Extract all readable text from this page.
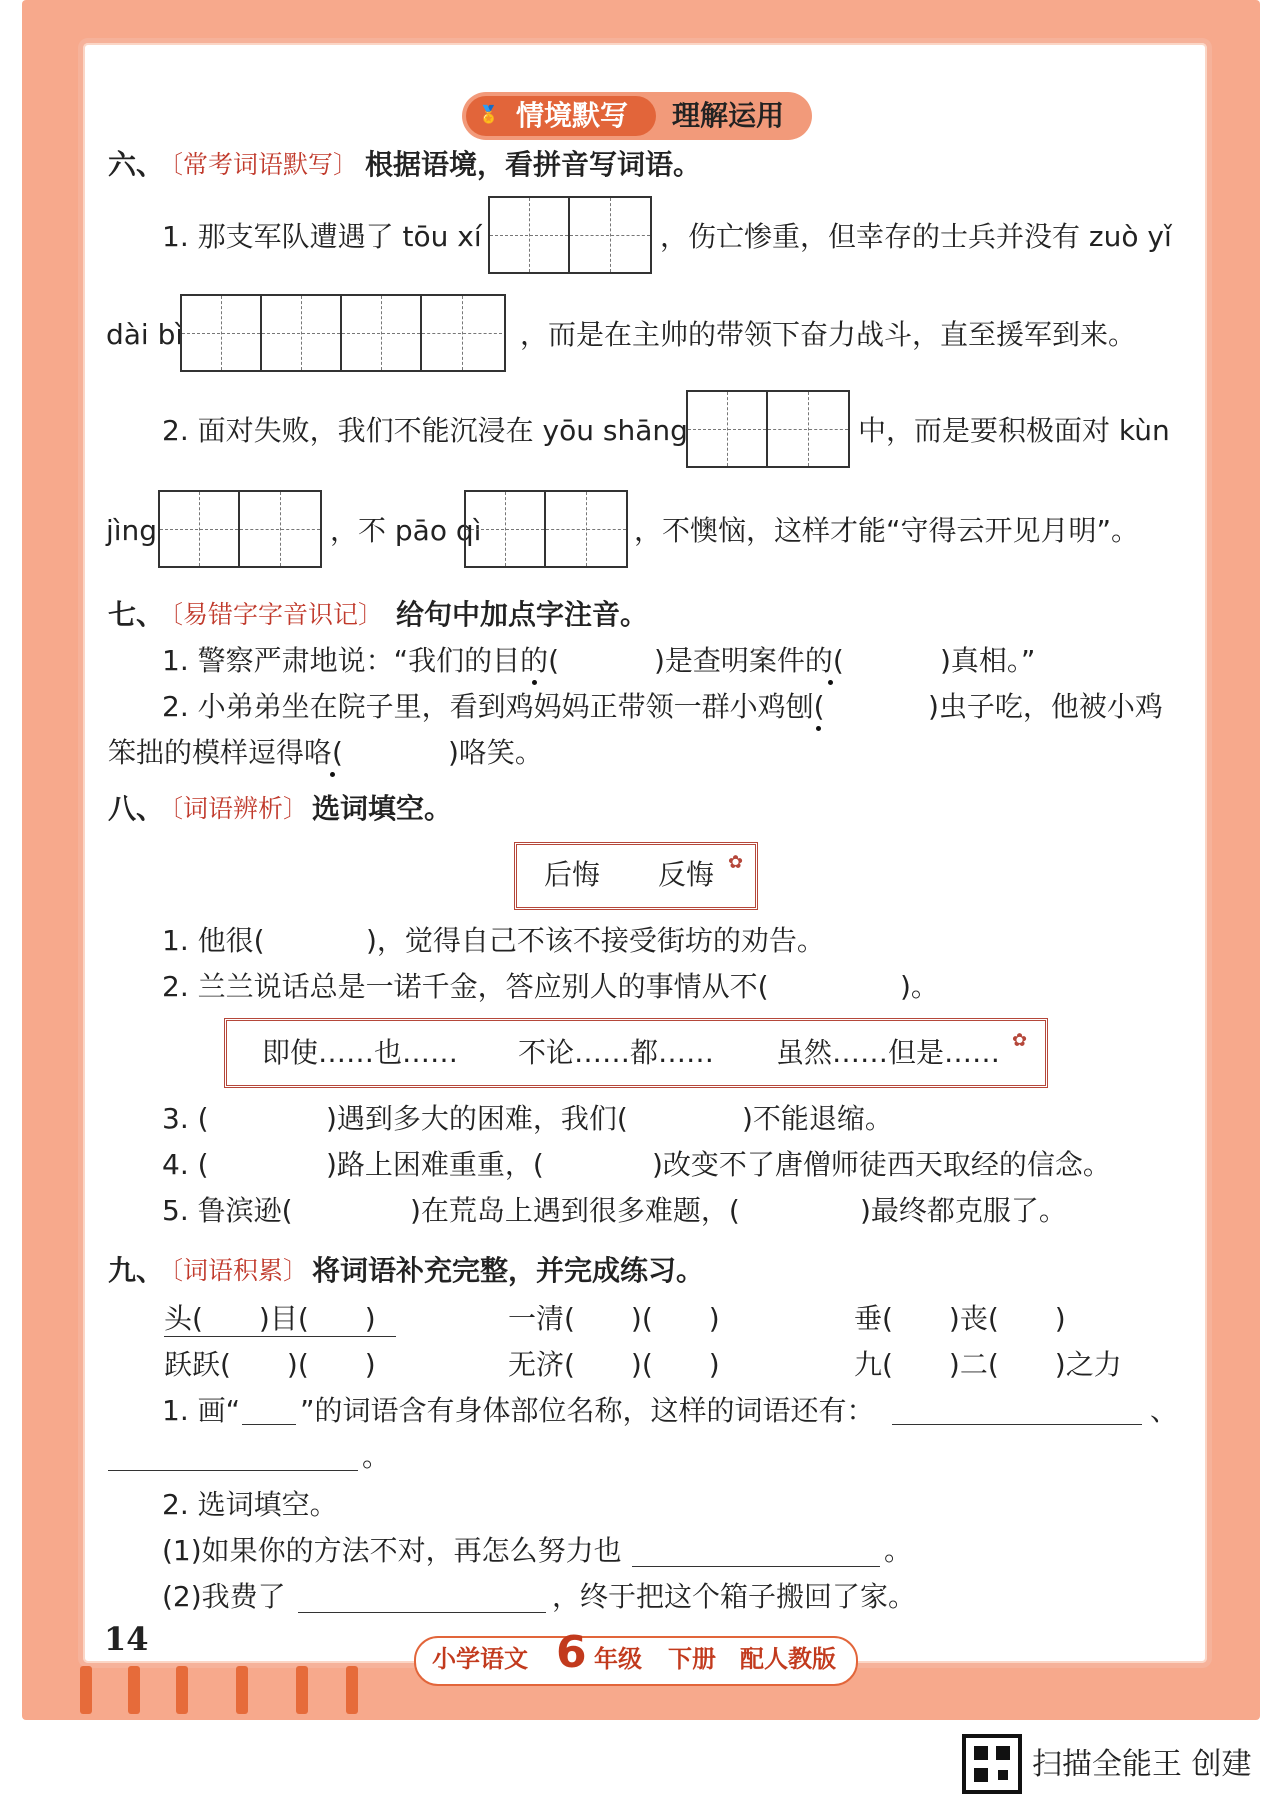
🏅 情境默写 理解运用
六、
〔常考词语默写〕 根据语境，看拼音写词语。
1. 那支军队遭遇了 tōu xí	，伤亡惨重，但幸存的士兵并没有 zuò yǐ
dài bì	，而是在主帅的带领下奋力战斗，直至援军到来。
2. 面对失败，我们不能沉浸在 yōu shāng	中，而是要积极面对 kùn
jìng	，不 pāo qì	，不懊恼，这样才能“守得云开见月明”。
七、
〔易错字字音识记〕 给句中加点字注音。
1. 警察严肃地说：“我们的目的(	)是查明案件的(	)真相。”
2. 小弟弟坐在院子里，看到鸡妈妈正带领一群小鸡刨(	)虫子吃，他被小鸡
笨拙的模样逗得咯(	)咯笑。
八、
〔词语辨析〕 选词填空。
后悔 反悔 ✿
1. 他很(	)，觉得自己不该不接受街坊的劝告。
2. 兰兰说话总是一诺千金，答应别人的事情从不(	)。
即使……也…… 不论……都…… 虽然……但是…… ✿
3. (	)遇到多大的困难，我们(	)不能退缩。
4. (	)路上困难重重，(	)改变不了唐僧师徒西天取经的信念。
5. 鲁滨逊(	)在荒岛上遇到很多难题，(	)最终都克服了。
九、
〔词语积累〕 将词语补充完整，并完成练习。
头(　　)目(　　)	一清(　　)(　　)	垂(　　)丧(　　)
跃跃(　　)(　　)	无济(　　)(　　)	九(　　)二(　　)之力
1. 画“ ”的词语含有身体部位名称，这样的词语还有：	、
。
2. 选词填空。
(1)如果你的方法不对，再怎么努力也	。
(2)我费了	，终于把这个箱子搬回了家。
14
小学语文 6 年级 下册 配人教版
扫描全能王 创建
